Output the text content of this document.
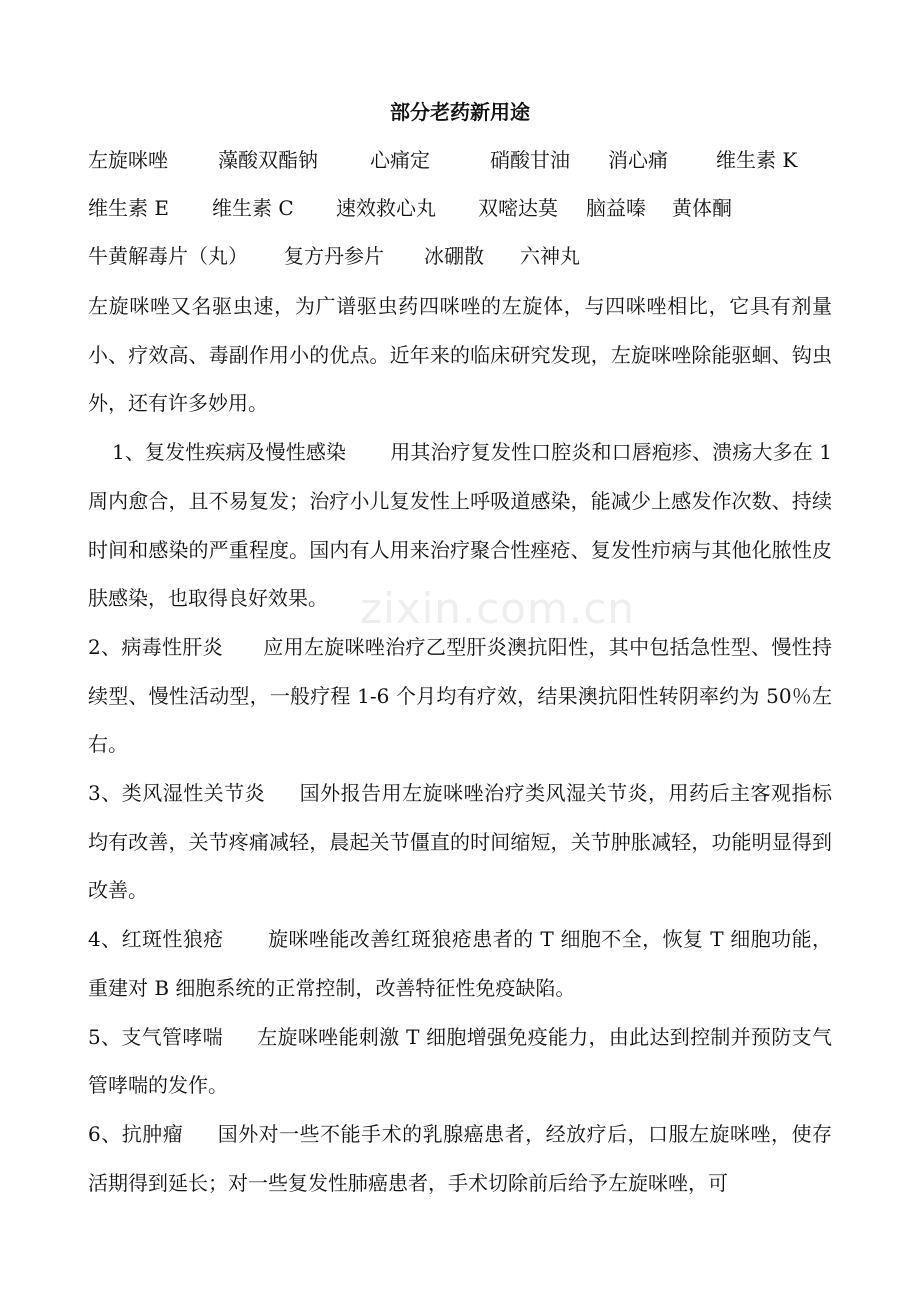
部分老药新用途
左旋咪唑	藻酸双酯钠	心痛定	硝酸甘油 消心痛 维生素 K
维生素 E 维生素 C 速效救心丸 双嘧达莫 脑益嗪 黄体酮
牛黄解毒片（丸） 复方丹参片 冰硼散 六神丸

左旋咪唑又名驱虫速，为广谱驱虫药四咪唑的左旋体，与四咪唑相比，它具有剂量小、疗效高、毒副作用小的优点。近年来的临床研究发现，左旋咪唑除能驱蛔、钩虫外，还有许多妙用。

1、复发性疾病及慢性感染 用其治疗复发性口腔炎和口唇疱疹、溃疡大多在 1 周内愈合，且不易复发；治疗小儿复发性上呼吸道感染，能减少上感发作次数、持续时间和感染的严重程度。国内有人用来治疗聚合性痤疮、复发性疖病与其他化脓性皮肤感染，也取得良好效果。

2、病毒性肝炎 应用左旋咪唑治疗乙型肝炎澳抗阳性，其中包括急性型、慢性持续型、慢性活动型，一般疗程 1-6 个月均有疗效，结果澳抗阳性转阴率约为 50％左右。

3、类风湿性关节炎 国外报告用左旋咪唑治疗类风湿关节炎，用药后主客观指标均有改善，关节疼痛减轻，晨起关节僵直的时间缩短，关节肿胀减轻，功能明显得到改善。

4、红斑性狼疮 旋咪唑能改善红斑狼疮患者的 T 细胞不全，恢复 T 细胞功能，重建对 B 细胞系统的正常控制，改善特征性免疫缺陷。

5、支气管哮喘 左旋咪唑能刺激 T 细胞增强免疫能力，由此达到控制并预防支气管哮喘的发作。

6、抗肿瘤 国外对一些不能手术的乳腺癌患者，经放疗后，口服左旋咪唑，使存活期得到延长；对一些复发性肺癌患者，手术切除前后给予左旋咪唑，可

zixin.com.cn
